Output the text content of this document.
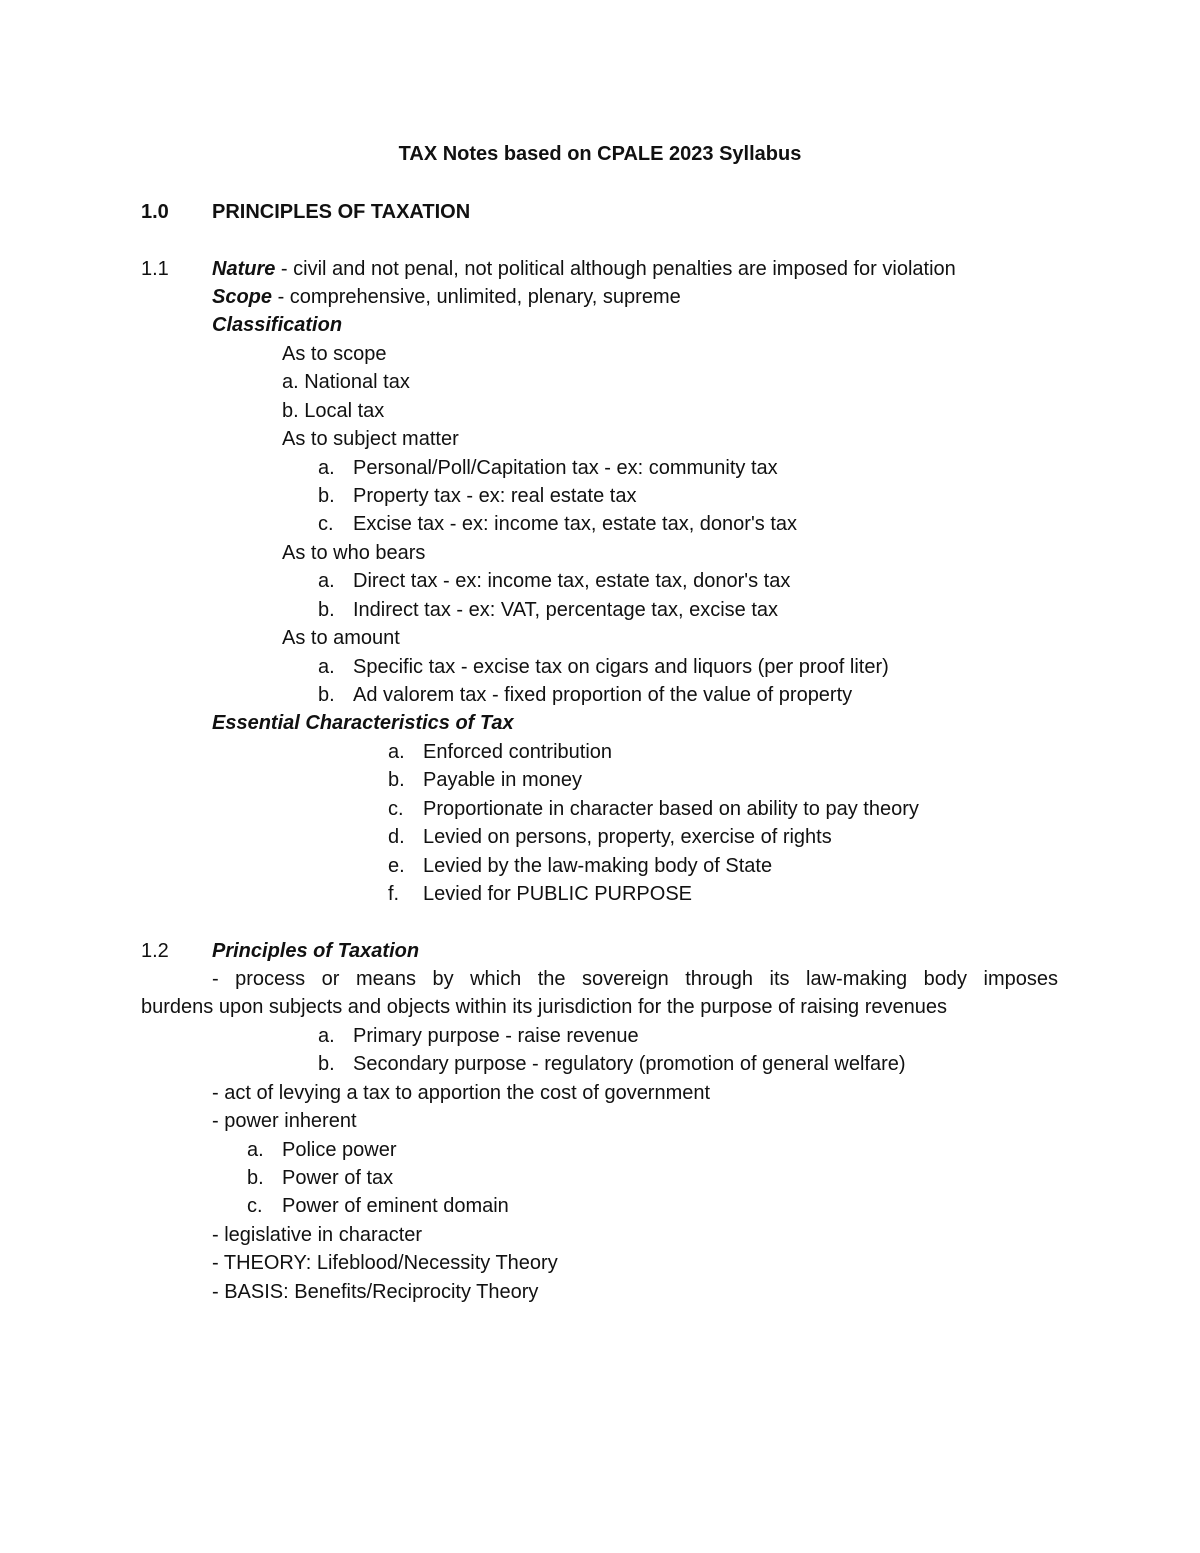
TAX Notes based on CPALE 2023 Syllabus
1.0 PRINCIPLES OF TAXATION
1.1 Nature - civil and not penal, not political although penalties are imposed for violation
Scope - comprehensive, unlimited, plenary, supreme
Classification
As to scope
a. National tax
b. Local tax
As to subject matter
a. Personal/Poll/Capitation tax - ex: community tax
b. Property tax - ex: real estate tax
c. Excise tax - ex: income tax, estate tax, donor's tax
As to who bears
a. Direct tax - ex: income tax, estate tax, donor's tax
b. Indirect tax - ex: VAT, percentage tax, excise tax
As to amount
a. Specific tax - excise tax on cigars and liquors (per proof liter)
b. Ad valorem tax - fixed proportion of the value of property
Essential Characteristics of Tax
a. Enforced contribution
b. Payable in money
c. Proportionate in character based on ability to pay theory
d. Levied on persons, property, exercise of rights
e. Levied by the law-making body of State
f. Levied for PUBLIC PURPOSE
1.2 Principles of Taxation
- process or means by which the sovereign through its law-making body imposes
burdens upon subjects and objects within its jurisdiction for the purpose of raising revenues
a. Primary purpose - raise revenue
b. Secondary purpose - regulatory (promotion of general welfare)
- act of levying a tax to apportion the cost of government
- power inherent
a. Police power
b. Power of tax
c. Power of eminent domain
- legislative in character
- THEORY: Lifeblood/Necessity Theory
- BASIS: Benefits/Reciprocity Theory
